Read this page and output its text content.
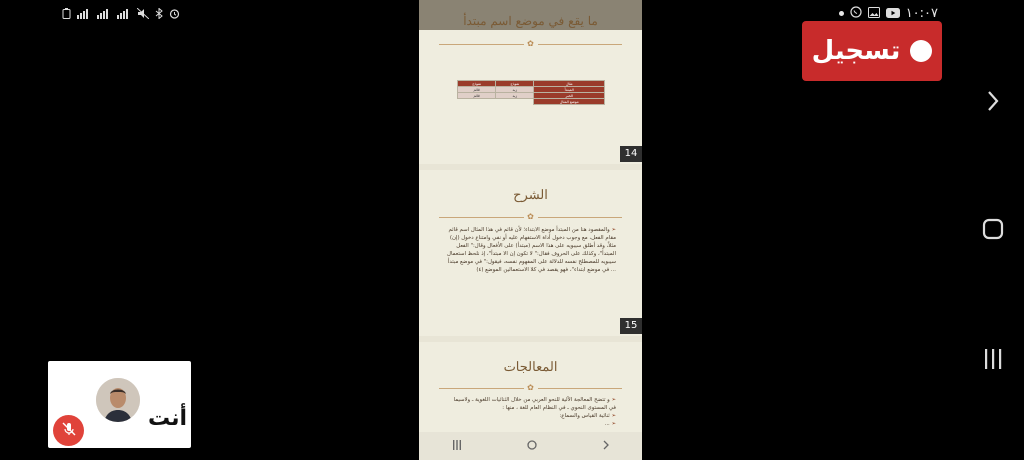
١٠:٠٧
تسجيل
ما يقع في موضع اسم مبتدأ
✿
نموذج	نموذج	مثال
قائم	زيد	المبتدأ
قائم	زيد	الخبر
		موضع المثال
14
الشرح
✿
➢ والمقصود هنا من المبتدأ موضع الابتداء؛ لأن قائم في هذا المثال اسم قائم مقام الفعل، مع وجوب دخول أداة الاستفهام عليه أو نفي وامتناع دخول (إن) مثلاً، وقد أطلق سيبويه على هذا الاسم (مبتدأ) على الأفعال وقال:" الفعل المبتدأ"، وكذلك على الحروف فقال:" لا تكون إن الا مبتدأ"، إذ نلحظ استعمال سيبويه للمصطلح نفسه للدلالة على المفهوم نفسه، فيقول:" في موضع مبتدأ ... في موضع ابتداء"، فهو يقصد في كلا الاستعمالين الموضع (٤)
15
المعالجات
✿
➢ و تتضح المعالجة الآلية للنحو العربي من خلال الثنائيات اللغوية ـ ولاسيما في المستوى النحوي ـ في النظام العام للغة ، منها :
➢ ثنائية القياس والسماع:
➢ ...
أنت
